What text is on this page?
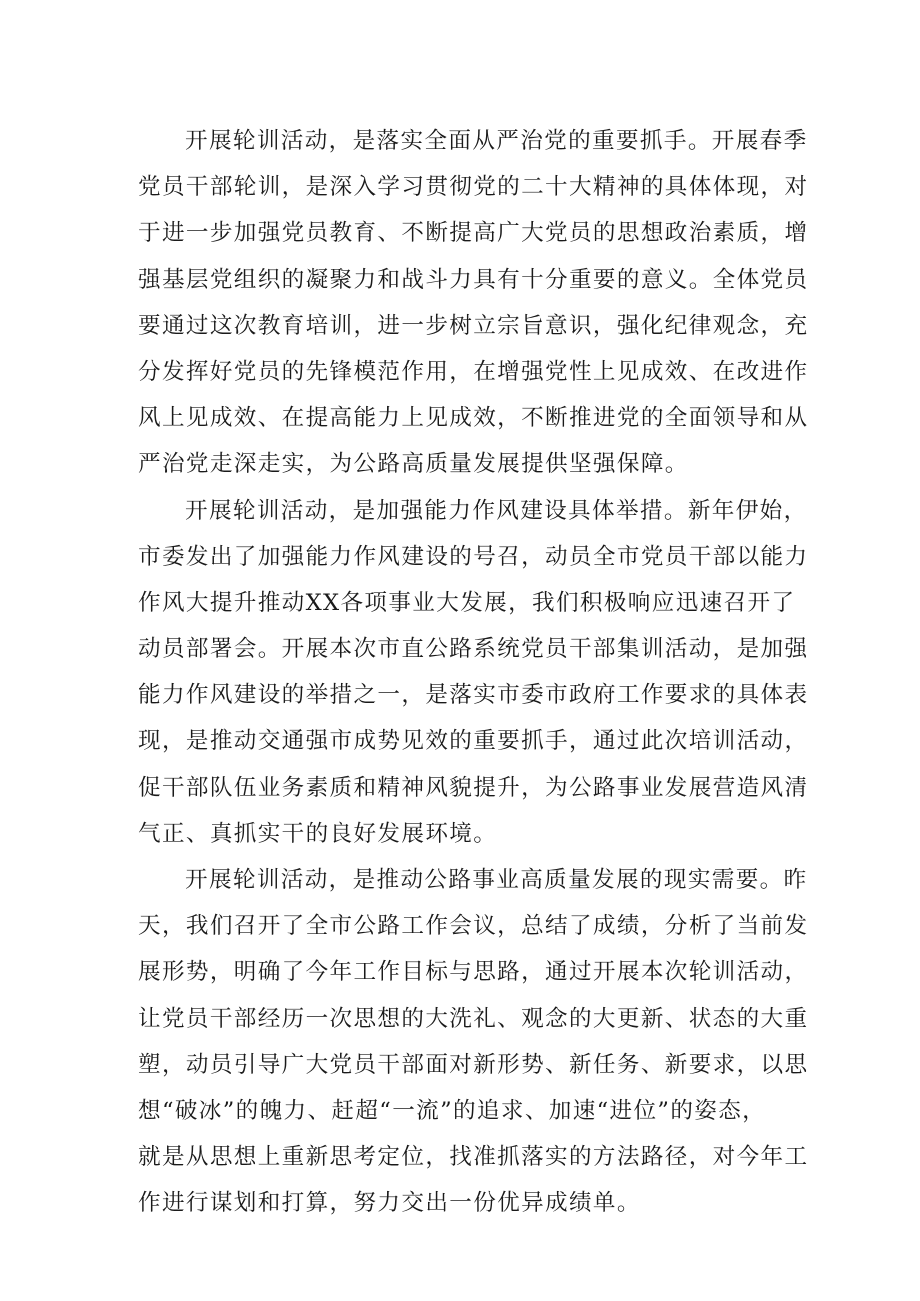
开展轮训活动，是落实全面从严治党的重要抓手。开展春季
党员干部轮训，是深入学习贯彻党的二十大精神的具体体现，对
于进一步加强党员教育、不断提高广大党员的思想政治素质，增
强基层党组织的凝聚力和战斗力具有十分重要的意义。全体党员
要通过这次教育培训，进一步树立宗旨意识，强化纪律观念，充
分发挥好党员的先锋模范作用，在增强党性上见成效、在改进作
风上见成效、在提高能力上见成效，不断推进党的全面领导和从
严治党走深走实，为公路高质量发展提供坚强保障。

开展轮训活动，是加强能力作风建设具体举措。新年伊始，
市委发出了加强能力作风建设的号召，动员全市党员干部以能力
作风大提升推动XX各项事业大发展，我们积极响应迅速召开了
动员部署会。开展本次市直公路系统党员干部集训活动，是加强
能力作风建设的举措之一，是落实市委市政府工作要求的具体表
现，是推动交通强市成势见效的重要抓手，通过此次培训活动，
促干部队伍业务素质和精神风貌提升，为公路事业发展营造风清
气正、真抓实干的良好发展环境。

开展轮训活动，是推动公路事业高质量发展的现实需要。昨
天，我们召开了全市公路工作会议，总结了成绩，分析了当前发
展形势，明确了今年工作目标与思路，通过开展本次轮训活动，
让党员干部经历一次思想的大洗礼、观念的大更新、状态的大重
塑，动员引导广大党员干部面对新形势、新任务、新要求，以思
想“破冰”的魄力、赶超“一流”的追求、加速“进位”的姿态，
就是从思想上重新思考定位，找准抓落实的方法路径，对今年工
作进行谋划和打算，努力交出一份优异成绩单。
